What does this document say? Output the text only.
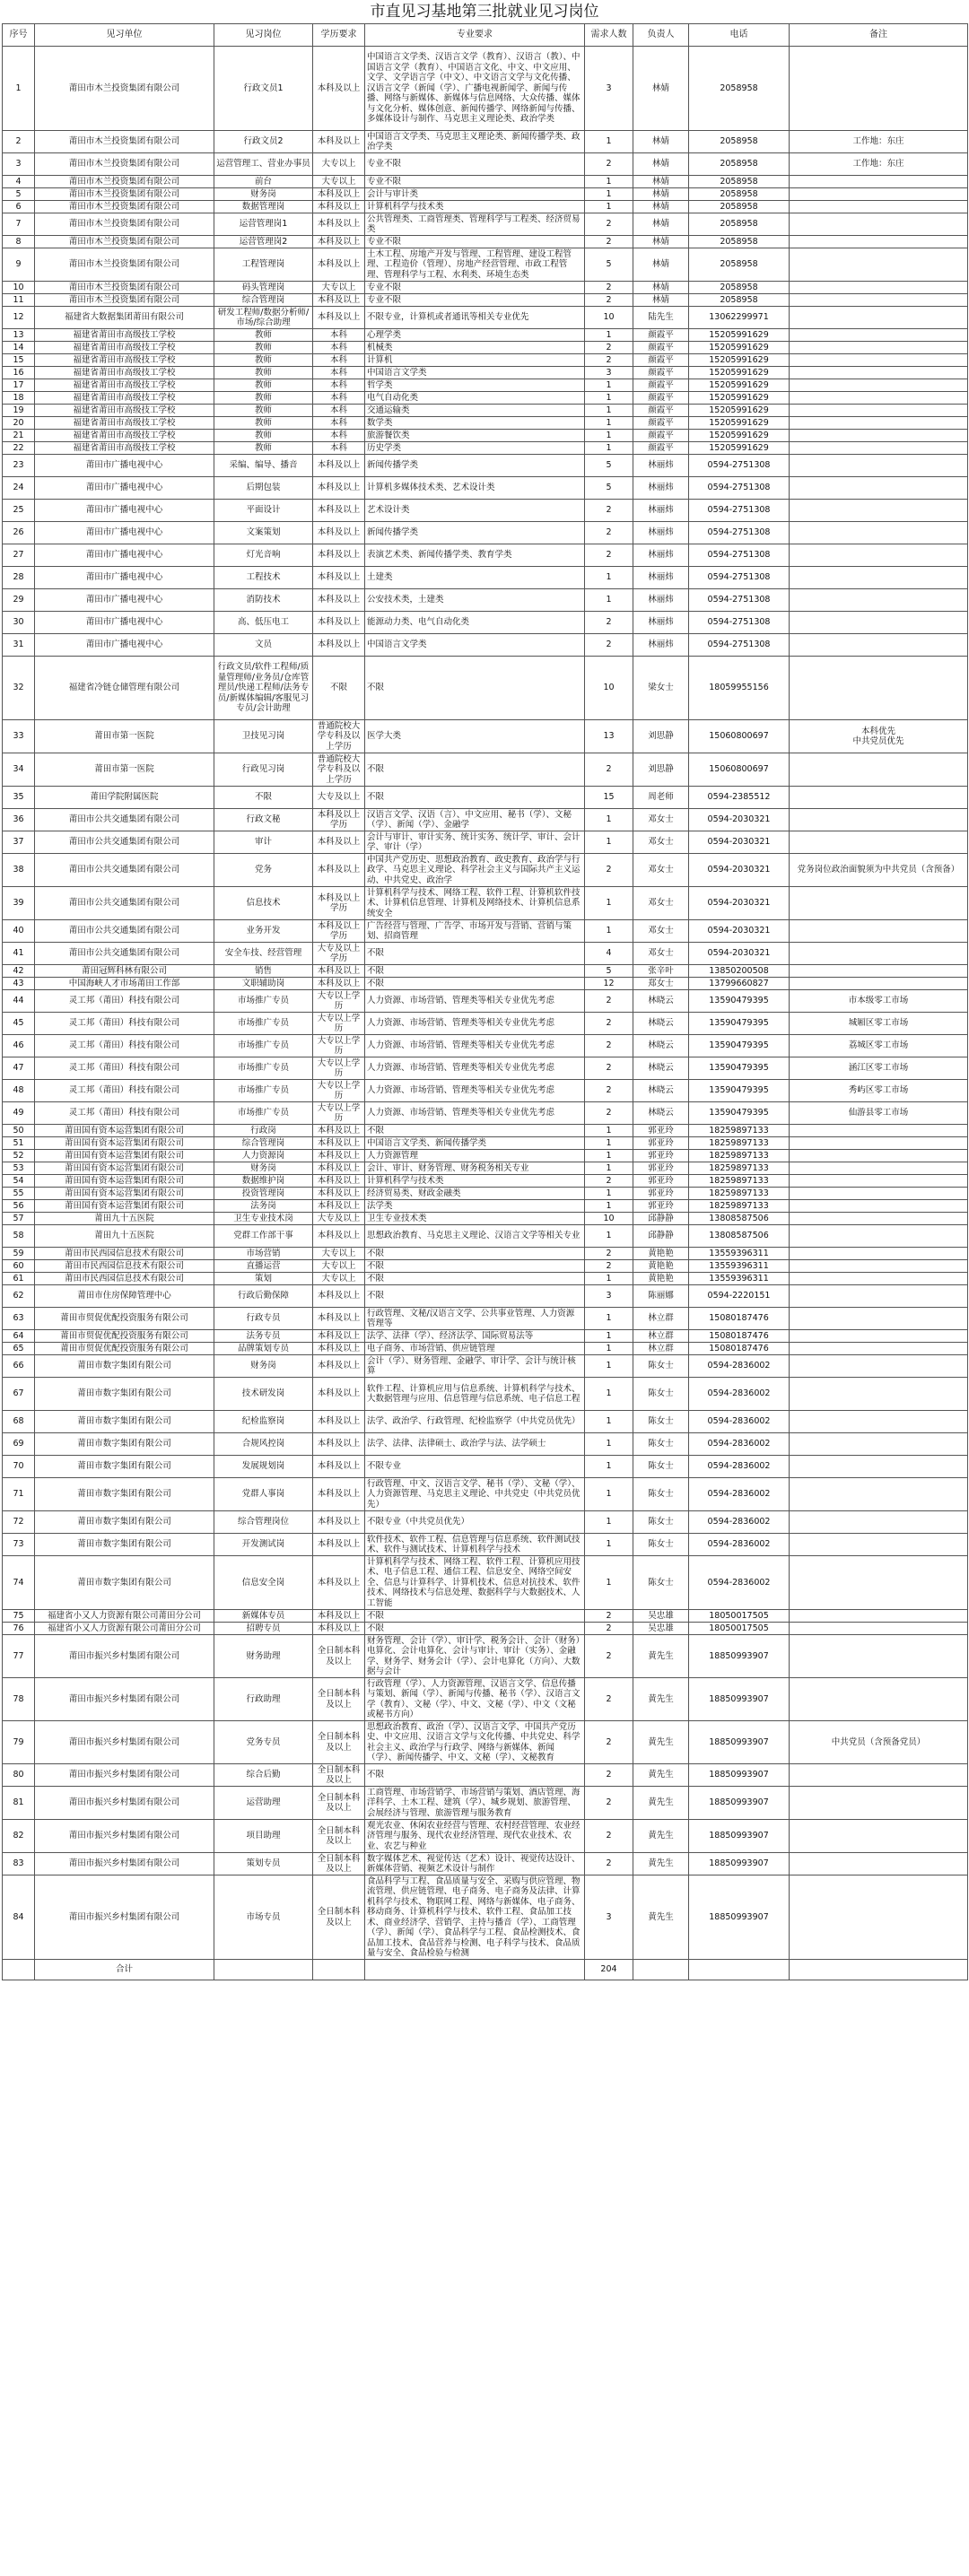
市直见习基地第三批就业见习岗位
序号	见习单位	见习岗位	学历要求	专业要求	需求人数	负责人	电话	备注
1	莆田市木兰投资集团有限公司	行政文员1	本科及以上	中国语言文学类、汉语言文学（教育）、汉语言（教）、中国语言文学（教育）、中国语言文化、中文、中文应用、文学、文学语言学（中文）、中文语言文学与文化传播、汉语言文学（新闻（学）、广播电视新闻学、新闻与传播、网络与新媒体、新媒体与信息网络、大众传播、媒体与文化分析、媒体创意、新闻传播学、网络新闻与传播、多媒体设计与制作、马克思主义理论类、政治学类	3	林婧	2058958	
2	莆田市木兰投资集团有限公司	行政文员2	本科及以上	中国语言文学类、马克思主义理论类、新闻传播学类、政治学类	1	林婧	2058958	工作地：东庄
3	莆田市木兰投资集团有限公司	运营管理工、营业办事员	大专以上	专业不限	2	林婧	2058958	工作地：东庄
4	莆田市木兰投资集团有限公司	前台	大专以上	专业不限	1	林婧	2058958	
5	莆田市木兰投资集团有限公司	财务岗	本科及以上	会计与审计类	1	林婧	2058958	
6	莆田市木兰投资集团有限公司	数据管理岗	本科及以上	计算机科学与技术类	1	林婧	2058958	
7	莆田市木兰投资集团有限公司	运营管理岗1	本科及以上	公共管理类、工商管理类、管理科学与工程类、经济贸易类	2	林婧	2058958	
8	莆田市木兰投资集团有限公司	运营管理岗2	本科及以上	专业不限	2	林婧	2058958	
9	莆田市木兰投资集团有限公司	工程管理岗	本科及以上	土木工程、房地产开发与管理、工程管理、建设工程管理、工程造价（管理）、房地产经营管理、市政工程管理、管理科学与工程、水利类、环境生态类	5	林婧	2058958	
10	莆田市木兰投资集团有限公司	码头管理岗	大专以上	专业不限	2	林婧	2058958	
11	莆田市木兰投资集团有限公司	综合管理岗	本科及以上	专业不限	2	林婧	2058958	
12	福建省大数据集团莆田有限公司	研发工程师/数据分析师/市场/综合助理	本科及以上	不限专业，计算机或者通讯等相关专业优先	10	陆先生	13062299971	
13	福建省莆田市高级技工学校	教师	本科	心理学类	1	颜霞平	15205991629	
14	福建省莆田市高级技工学校	教师	本科	机械类	2	颜霞平	15205991629	
15	福建省莆田市高级技工学校	教师	本科	计算机	2	颜霞平	15205991629	
16	福建省莆田市高级技工学校	教师	本科	中国语言文学类	3	颜霞平	15205991629	
17	福建省莆田市高级技工学校	教师	本科	哲学类	1	颜霞平	15205991629	
18	福建省莆田市高级技工学校	教师	本科	电气自动化类	1	颜霞平	15205991629	
19	福建省莆田市高级技工学校	教师	本科	交通运输类	1	颜霞平	15205991629	
20	福建省莆田市高级技工学校	教师	本科	数学类	1	颜霞平	15205991629	
21	福建省莆田市高级技工学校	教师	本科	旅游餐饮类	1	颜霞平	15205991629	
22	福建省莆田市高级技工学校	教师	本科	历史学类	1	颜霞平	15205991629	
23	莆田市广播电视中心	采编、编导、播音	本科及以上	新闻传播学类	5	林丽炜	0594-2751308	
24	莆田市广播电视中心	后期包装	本科及以上	计算机多媒体技术类、艺术设计类	5	林丽炜	0594-2751308	
25	莆田市广播电视中心	平面设计	本科及以上	艺术设计类	2	林丽炜	0594-2751308	
26	莆田市广播电视中心	文案策划	本科及以上	新闻传播学类	2	林丽炜	0594-2751308	
27	莆田市广播电视中心	灯光音响	本科及以上	表演艺术类、新闻传播学类、教育学类	2	林丽炜	0594-2751308	
28	莆田市广播电视中心	工程技术	本科及以上	土建类	1	林丽炜	0594-2751308	
29	莆田市广播电视中心	消防技术	本科及以上	公安技术类，土建类	1	林丽炜	0594-2751308	
30	莆田市广播电视中心	高、低压电工	本科及以上	能源动力类、电气自动化类	2	林丽炜	0594-2751308	
31	莆田市广播电视中心	文员	本科及以上	中国语言文学类	2	林丽炜	0594-2751308	
32	福建省冷链仓储管理有限公司	行政文员/软件工程师/质量管理师/业务员/仓库管理员/快递工程师/法务专员/新媒体编辑/客服见习专员/会计助理	不限	不限	10	梁女士	18059955156	
33	莆田市第一医院	卫技见习岗	普通院校大学专科及以上学历	医学大类	13	刘思静	15060800697	本科优先
中共党员优先
34	莆田市第一医院	行政见习岗	普通院校大学专科及以上学历	不限	2	刘思静	15060800697	
35	莆田学院附属医院	不限	大专及以上	不限	15	周老师	0594-2385512	
36	莆田市公共交通集团有限公司	行政文秘	本科及以上学历	汉语言文学、汉语（言）、中文应用、秘书（学）、文秘（学）、新闻（学）、金融学	1	邓女士	0594-2030321	
37	莆田市公共交通集团有限公司	审计	本科及以上	会计与审计、审计实务、统计实务、统计学、审计、会计学、审计（学）	1	邓女士	0594-2030321	
38	莆田市公共交通集团有限公司	党务	本科及以上	中国共产党历史、思想政治教育、政史教育、政治学与行政学、马克思主义理论、科学社会主义与国际共产主义运动、中共党史、政治学	2	邓女士	0594-2030321	党务岗位政治面貌须为中共党员（含预备）
39	莆田市公共交通集团有限公司	信息技术	本科及以上学历	计算机科学与技术、网络工程、软件工程、计算机软件技术、计算机信息管理、计算机及网络技术、计算机信息系统安全	1	邓女士	0594-2030321	
40	莆田市公共交通集团有限公司	业务开发	本科及以上学历	广告经营与管理、广告学、市场开发与营销、营销与策划、招商管理	1	邓女士	0594-2030321	
41	莆田市公共交通集团有限公司	安全车技、经营管理	大专及以上学历	不限	4	邓女士	0594-2030321	
42	莆田冠辉科林有限公司	销售	本科及以上	不限	5	张辛叶	13850200508	
43	中国海峡人才市场莆田工作部	文职辅助岗	本科及以上	不限	12	郑女士	13799660827	
44	灵工邦（莆田）科技有限公司	市场推广专员	大专以上学历	人力资源、市场营销、管理类等相关专业优先考虑	2	林晓云	13590479395	市本级零工市场
45	灵工邦（莆田）科技有限公司	市场推广专员	大专以上学历	人力资源、市场营销、管理类等相关专业优先考虑	2	林晓云	13590479395	城厢区零工市场
46	灵工邦（莆田）科技有限公司	市场推广专员	大专以上学历	人力资源、市场营销、管理类等相关专业优先考虑	2	林晓云	13590479395	荔城区零工市场
47	灵工邦（莆田）科技有限公司	市场推广专员	大专以上学历	人力资源、市场营销、管理类等相关专业优先考虑	2	林晓云	13590479395	涵江区零工市场
48	灵工邦（莆田）科技有限公司	市场推广专员	大专以上学历	人力资源、市场营销、管理类等相关专业优先考虑	2	林晓云	13590479395	秀屿区零工市场
49	灵工邦（莆田）科技有限公司	市场推广专员	大专以上学历	人力资源、市场营销、管理类等相关专业优先考虑	2	林晓云	13590479395	仙游县零工市场
50	莆田国有资本运营集团有限公司	行政岗	本科及以上	不限	1	郭亚玲	18259897133	
51	莆田国有资本运营集团有限公司	综合管理岗	本科及以上	中国语言文学类、新闻传播学类	1	郭亚玲	18259897133	
52	莆田国有资本运营集团有限公司	人力资源岗	本科及以上	人力资源管理	1	郭亚玲	18259897133	
53	莆田国有资本运营集团有限公司	财务岗	本科及以上	会计、审计、财务管理、财务税务相关专业	1	郭亚玲	18259897133	
54	莆田国有资本运营集团有限公司	数据维护岗	本科及以上	计算机科学与技术类	2	郭亚玲	18259897133	
55	莆田国有资本运营集团有限公司	投资管理岗	本科及以上	经济贸易类、财政金融类	1	郭亚玲	18259897133	
56	莆田国有资本运营集团有限公司	法务岗	本科及以上	法学类	1	郭亚玲	18259897133	
57	莆田九十五医院	卫生专业技术岗	大专及以上	卫生专业技术类	10	邱静静	13808587506	
58	莆田九十五医院	党群工作部干事	本科及以上	思想政治教育、马克思主义理论、汉语言文学等相关专业	1	邱静静	13808587506	
59	莆田市民西园信息技术有限公司	市场营销	大专以上	不限	2	黄艳艳	13559396311	
60	莆田市民西园信息技术有限公司	直播运营	大专以上	不限	2	黄艳艳	13559396311	
61	莆田市民西园信息技术有限公司	策划	大专以上	不限	1	黄艳艳	13559396311	
62	莆田市住房保障管理中心	行政后勤保障	本科及以上	不限	3	陈丽娜	0594-2220151	
63	莆田市贸促优配投资服务有限公司	行政专员	本科及以上	行政管理、文秘/汉语言文学、公共事业管理、人力资源管理等	1	林立群	15080187476	
64	莆田市贸促优配投资服务有限公司	法务专员	本科及以上	法学、法律（学）、经济法学、国际贸易法等	1	林立群	15080187476	
65	莆田市贸促优配投资服务有限公司	品牌策划专员	本科及以上	电子商务、市场营销、供应链管理	1	林立群	15080187476	
66	莆田市数字集团有限公司	财务岗	本科及以上	会计（学）、财务管理、金融学、审计学、会计与统计核算	1	陈女士	0594-2836002	
67	莆田市数字集团有限公司	技术研发岗	本科及以上	软件工程、计算机应用与信息系统、计算机科学与技术、大数据管理与应用、信息管理与信息系统、电子信息工程	1	陈女士	0594-2836002	
68	莆田市数字集团有限公司	纪检监察岗	本科及以上	法学、政治学、行政管理、纪检监察学（中共党员优先）	1	陈女士	0594-2836002	
69	莆田市数字集团有限公司	合规风控岗	本科及以上	法学、法律、法律硕士、政治学与法、法学硕士	1	陈女士	0594-2836002	
70	莆田市数字集团有限公司	发展规划岗	本科及以上	不限专业	1	陈女士	0594-2836002	
71	莆田市数字集团有限公司	党群人事岗	本科及以上	行政管理、中文、汉语言文学、秘书（学）、文秘（学）、人力资源管理、马克思主义理论、中共党史（中共党员优先）	1	陈女士	0594-2836002	
72	莆田市数字集团有限公司	综合管理岗位	本科及以上	不限专业（中共党员优先）	1	陈女士	0594-2836002	
73	莆田市数字集团有限公司	开发测试岗	本科及以上	软件技术、软件工程、信息管理与信息系统、软件测试技术、软件与测试技术、计算机科学与技术	1	陈女士	0594-2836002	
74	莆田市数字集团有限公司	信息安全岗	本科及以上	计算机科学与技术、网络工程、软件工程、计算机应用技术、电子信息工程、通信工程、信息安全、网络空间安全、信息与计算科学、计算机技术、信息对抗技术、软件技术、网络技术与信息处理、数据科学与大数据技术、人工智能	1	陈女士	0594-2836002	
75	福建省小又人力资源有限公司莆田分公司	新媒体专员	本科及以上	不限	2	吴忠雄	18050017505	
76	福建省小又人力资源有限公司莆田分公司	招聘专员	本科及以上	不限	2	吴忠雄	18050017505	
77	莆田市振兴乡村集团有限公司	财务助理	全日制本科及以上	财务管理、会计（学）、审计学、税务会计、会计（财务）电算化、会计电算化、会计与审计、审计（实务）、金融学、财务学、财务会计（学）、会计电算化（方向）、大数据与会计	2	黄先生	18850993907	
78	莆田市振兴乡村集团有限公司	行政助理	全日制本科及以上	行政管理（学）、人力资源管理、汉语言文学、信息传播与策划、新闻（学）、新闻与传播、秘书（学）、汉语言文学（教育）、文秘（学）、中文、文秘（学）、中文（文秘或秘书方向）	2	黄先生	18850993907	
79	莆田市振兴乡村集团有限公司	党务专员	全日制本科及以上	思想政治教育、政治（学）、汉语言文学、中国共产党历史、中文应用、汉语言文学与文化传播、中共党史、科学社会主义、政治学与行政学、网络与新媒体、新闻（学）、新闻传播学、中文、文秘（学）、文秘教育	2	黄先生	18850993907	中共党员（含预备党员）
80	莆田市振兴乡村集团有限公司	综合后勤	全日制本科及以上	不限	2	黄先生	18850993907	
81	莆田市振兴乡村集团有限公司	运营助理	全日制本科及以上	工商管理、市场营销学、市场营销与策划、酒店管理、海洋科学、土木工程、建筑（学）、城乡规划、旅游管理、会展经济与管理、旅游管理与服务教育	2	黄先生	18850993907	
82	莆田市振兴乡村集团有限公司	项目助理	全日制本科及以上	观光农业、休闲农业经营与管理、农村经营管理、农业经济管理与服务、现代农业经济管理、现代农业技术、农业、农艺与种业	2	黄先生	18850993907	
83	莆田市振兴乡村集团有限公司	策划专员	全日制本科及以上	数字媒体艺术、视觉传达（艺术）设计、视觉传达设计、新媒体营销、视频艺术设计与制作	2	黄先生	18850993907	
84	莆田市振兴乡村集团有限公司	市场专员	全日制本科及以上	食品科学与工程、食品质量与安全、采购与供应管理、物流管理、供应链管理、电子商务、电子商务及法律、计算机科学与技术、物联网工程、网络与新媒体、电子商务、移动商务、计算机科学与技术、软件工程、食品加工技术、商业经济学、营销学、主持与播音（学）、工商管理（学）、新闻（学）、食品科学与工程、食品检测技术、食品加工技术、食品营养与检测、电子科学与技术、食品质量与安全、食品检验与检测	3	黄先生	18850993907	
	合计				204			
